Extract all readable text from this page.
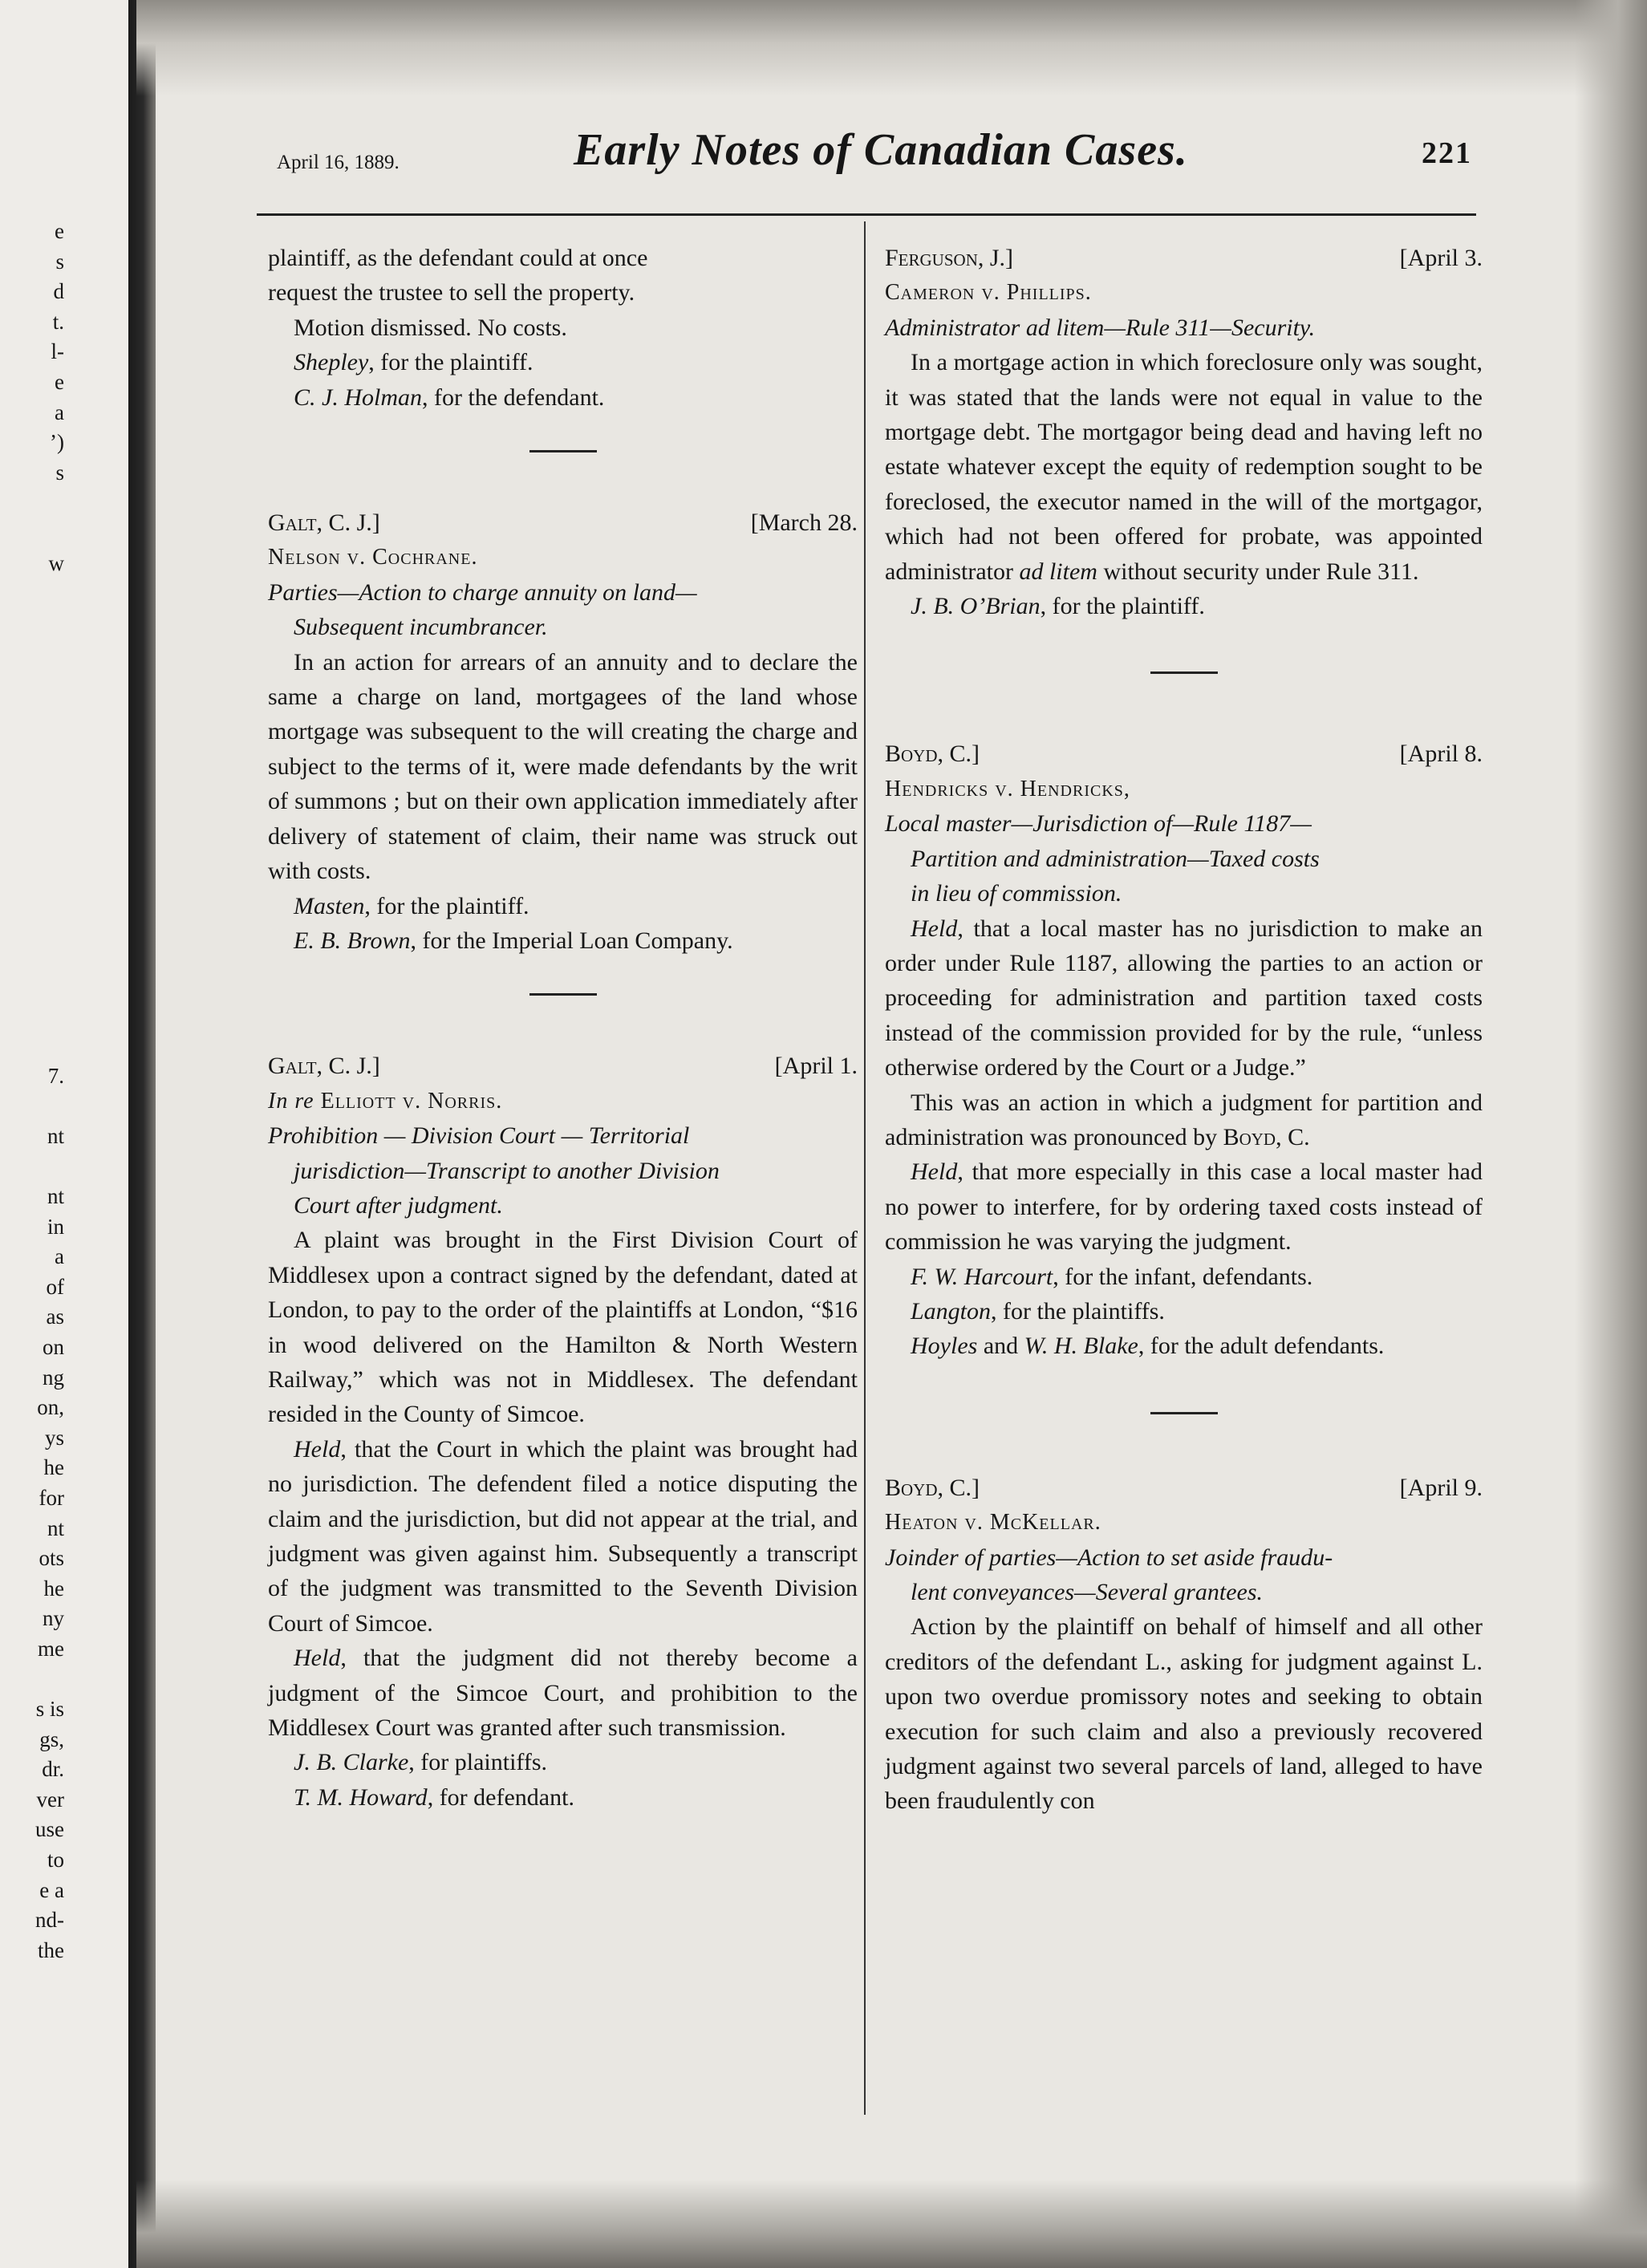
e
s
d
t.
l-
e
a
’)
s
w
7.
nt
nt
in
a
of
as
on
ng
on,
ys
he
for
nt
ots
he
ny
me
s is
gs,
dr.
ver
use
to
e a
nd-
the
April 16, 1889.	Early Notes of Canadian Cases.	221

plaintiff, as the defendant could at once

request the trustee to sell the property.

Motion dismissed. No costs.

Shepley, for the plaintiff.

C. J. Holman, for the defendant.

Galt, C. J.]	[March 28.

Nelson v. Cochrane.

Parties—Action to charge annuity on land—
Subsequent incumbrancer.

In an action for arrears of an annuity and to declare the same a charge on land, mortgagees of the land whose mortgage was subsequent to the will creating the charge and subject to the terms of it, were made defendants by the writ of summons ; but on their own application immediately after delivery of statement of claim, their name was struck out with costs.

Masten, for the plaintiff.

E. B. Brown, for the Imperial Loan Company.

Galt, C. J.]	[April 1.

In re Elliott v. Norris.

Prohibition — Division Court — Territorial
jurisdiction—Transcript to another Division
Court after judgment.

A plaint was brought in the First Division Court of Middlesex upon a contract signed by the defendant, dated at London, to pay to the order of the plaintiffs at London, “$16 in wood delivered on the Hamilton & North Western Railway,” which was not in Middlesex. The defendant resided in the County of Simcoe.

Held, that the Court in which the plaint was brought had no jurisdiction. The defendent filed a notice disputing the claim and the jurisdiction, but did not appear at the trial, and judgment was given against him. Subsequently a transcript of the judgment was transmitted to the Seventh Division Court of Simcoe.

Held, that the judgment did not thereby become a judgment of the Simcoe Court, and prohibition to the Middlesex Court was granted after such transmission.

J. B. Clarke, for plaintiffs.

T. M. Howard, for defendant.

Ferguson, J.]	[April 3.

Cameron v. Phillips.

Administrator ad litem—Rule 311—Security.

In a mortgage action in which foreclosure only was sought, it was stated that the lands were not equal in value to the mortgage debt. The mortgagor being dead and having left no estate whatever except the equity of redemption sought to be foreclosed, the executor named in the will of the mortgagor, which had not been offered for probate, was appointed administrator ad litem without security under Rule 311.

J. B. O’Brian, for the plaintiff.

Boyd, C.]	[April 8.

Hendricks v. Hendricks,

Local master—Jurisdiction of—Rule 1187—
Partition and administration—Taxed costs
in lieu of commission.

Held, that a local master has no jurisdiction to make an order under Rule 1187, allowing the parties to an action or proceeding for administration and partition taxed costs instead of the commission provided for by the rule, “unless otherwise ordered by the Court or a Judge.”

This was an action in which a judgment for partition and administration was pronounced by Boyd, C.

Held, that more especially in this case a local master had no power to interfere, for by ordering taxed costs instead of commission he was varying the judgment.

F. W. Harcourt, for the infant, defendants.

Langton, for the plaintiffs.

Hoyles and W. H. Blake, for the adult defendants.

Boyd, C.]	[April 9.

Heaton v. McKellar.

Joinder of parties—Action to set aside fraudu-
lent conveyances—Several grantees.

Action by the plaintiff on behalf of himself and all other creditors of the defendant L., asking for judgment against L. upon two overdue promissory notes and seeking to obtain execution for such claim and also a previously recovered judgment against two several parcels of land, alleged to have been fraudulently con
